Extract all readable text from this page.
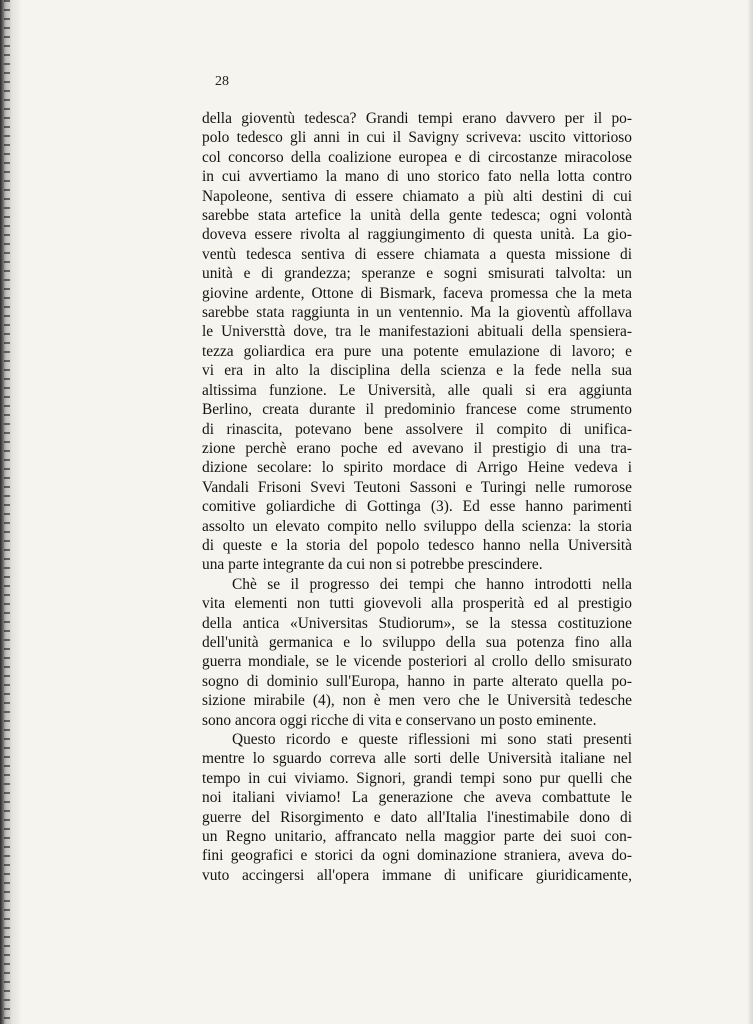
28
della gioventù tedesca? Grandi tempi erano davvero per il po-
polo tedesco gli anni in cui il Savigny scriveva: uscito vittorioso
col concorso della coalizione europea e di circostanze miracolose
in cui avvertiamo la mano di uno storico fato nella lotta contro
Napoleone, sentiva di essere chiamato a più alti destini di cui
sarebbe stata artefice la unità della gente tedesca; ogni volontà
doveva essere rivolta al raggiungimento di questa unità. La gio-
ventù tedesca sentiva di essere chiamata a questa missione di
unità e di grandezza; speranze e sogni smisurati talvolta: un
giovine ardente, Ottone di Bismark, faceva promessa che la meta
sarebbe stata raggiunta in un ventennio. Ma la gioventù affollava
le Universttà dove, tra le manifestazioni abituali della spensiera-
tezza goliardica era pure una potente emulazione di lavoro; e
vi era in alto la disciplina della scienza e la fede nella sua
altissima funzione. Le Università, alle quali si era aggiunta
Berlino, creata durante il predominio francese come strumento
di rinascita, potevano bene assolvere il compito di unifica-
zione perchè erano poche ed avevano il prestigio di una tra-
dizione secolare: lo spirito mordace di Arrigo Heine vedeva i
Vandali Frisoni Svevi Teutoni Sassoni e Turingi nelle rumorose
comitive goliardiche di Gottinga (3). Ed esse hanno parimenti
assolto un elevato compito nello sviluppo della scienza: la storia
di queste e la storia del popolo tedesco hanno nella Università
una parte integrante da cui non si potrebbe prescindere.
Chè se il progresso dei tempi che hanno introdotti nella
vita elementi non tutti giovevoli alla prosperità ed al prestigio
della antica «Universitas Studiorum», se la stessa costituzione
dell'unità germanica e lo sviluppo della sua potenza fino alla
guerra mondiale, se le vicende posteriori al crollo dello smisurato
sogno di dominio sull'Europa, hanno in parte alterato quella po-
sizione mirabile (4), non è men vero che le Università tedesche
sono ancora oggi ricche di vita e conservano un posto eminente.
Questo ricordo e queste riflessioni mi sono stati presenti
mentre lo sguardo correva alle sorti delle Università italiane nel
tempo in cui viviamo. Signori, grandi tempi sono pur quelli che
noi italiani viviamo! La generazione che aveva combattute le
guerre del Risorgimento e dato all'Italia l'inestimabile dono di
un Regno unitario, affrancato nella maggior parte dei suoi con-
fini geografici e storici da ogni dominazione straniera, aveva do-
vuto accingersi all'opera immane di unificare giuridicamente,
